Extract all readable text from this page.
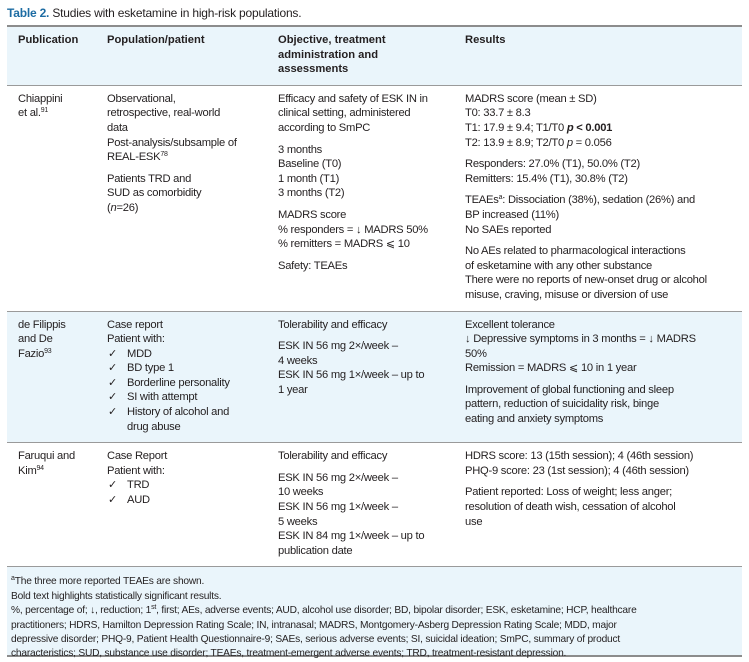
Table 2. Studies with esketamine in high-risk populations.
Publication	Population/patient	Objective, treatment
administration and
assessments
Results
Chiappini
et al.$^{91}$
Observational,
retrospective, real-world
data
Post-analysis/subsample of
REAL-ESK$^{78}$
Patients TRD and
SUD as comorbidity
(n=26)
Efficacy and safety of ESK IN in
clinical setting, administered
according to SmPC
3 months
Baseline (T0)
1 month (T1)
3 months (T2)
MADRS score
% responders = ↓ MADRS 50%
% remitters = MADRS ⩽ 10
Safety: TEAEs
MADRS score (mean ± SD)
T0: 33.7 ± 8.3
T1: 17.9 ± 9.4; T1/T0 p < 0.001
T2: 13.9 ± 8.9; T2/T0 p = 0.056
Responders: 27.0% (T1), 50.0% (T2)
Remitters: 15.4% (T1), 30.8% (T2)
TEAEs$^a$: Dissociation (38%), sedation (26%) and
BP increased (11%)
No SAEs reported
No AEs related to pharmacological interactions
of esketamine with any other substance
There were no reports of new-onset drug or alcohol
misuse, craving, misuse or diversion of use
de Filippis
and De
Fazio$^{93}$
Case report
Patient with:
✓ MDD
✓ BD type 1
✓ Borderline personality
✓ SI with attempt
✓ History of alcohol and
drug abuse
Tolerability and efficacy
ESK IN 56 mg 2×/week –
4 weeks
ESK IN 56 mg 1×/week – up to
1 year
Excellent tolerance
↓ Depressive symptoms in 3 months = ↓ MADRS
50%
Remission = MADRS ⩽ 10 in 1 year
Improvement of global functioning and sleep
pattern, reduction of suicidality risk, binge
eating and anxiety symptoms
Faruqui and
Kim$^{94}$
Case Report
Patient with:
✓ TRD
✓ AUD
Tolerability and efficacy
ESK IN 56 mg 2×/week –
10 weeks
ESK IN 56 mg 1×/week –
5 weeks
ESK IN 84 mg 1×/week – up to
publication date
HDRS score: 13 (15th session); 4 (46th session)
PHQ-9 score: 23 (1st session); 4 (46th session)
Patient reported: Loss of weight; less anger;
resolution of death wish, cessation of alcohol
use
$^a$The three more reported TEAEs are shown.
Bold text highlights statistically significant results.
%, percentage of; ↓, reduction; 1st, first; AEs, adverse events; AUD, alcohol use disorder; BD, bipolar disorder; ESK, esketamine; HCP, healthcare
practitioners; HDRS, Hamilton Depression Rating Scale; IN, intranasal; MADRS, Montgomery-Asberg Depression Rating Scale; MDD, major
depressive disorder; PHQ-9, Patient Health Questionnaire-9; SAEs, serious adverse events; SI, suicidal ideation; SmPC, summary of product
characteristics; SUD, substance use disorder; TEAEs, treatment-emergent adverse events; TRD, treatment-resistant depression.
